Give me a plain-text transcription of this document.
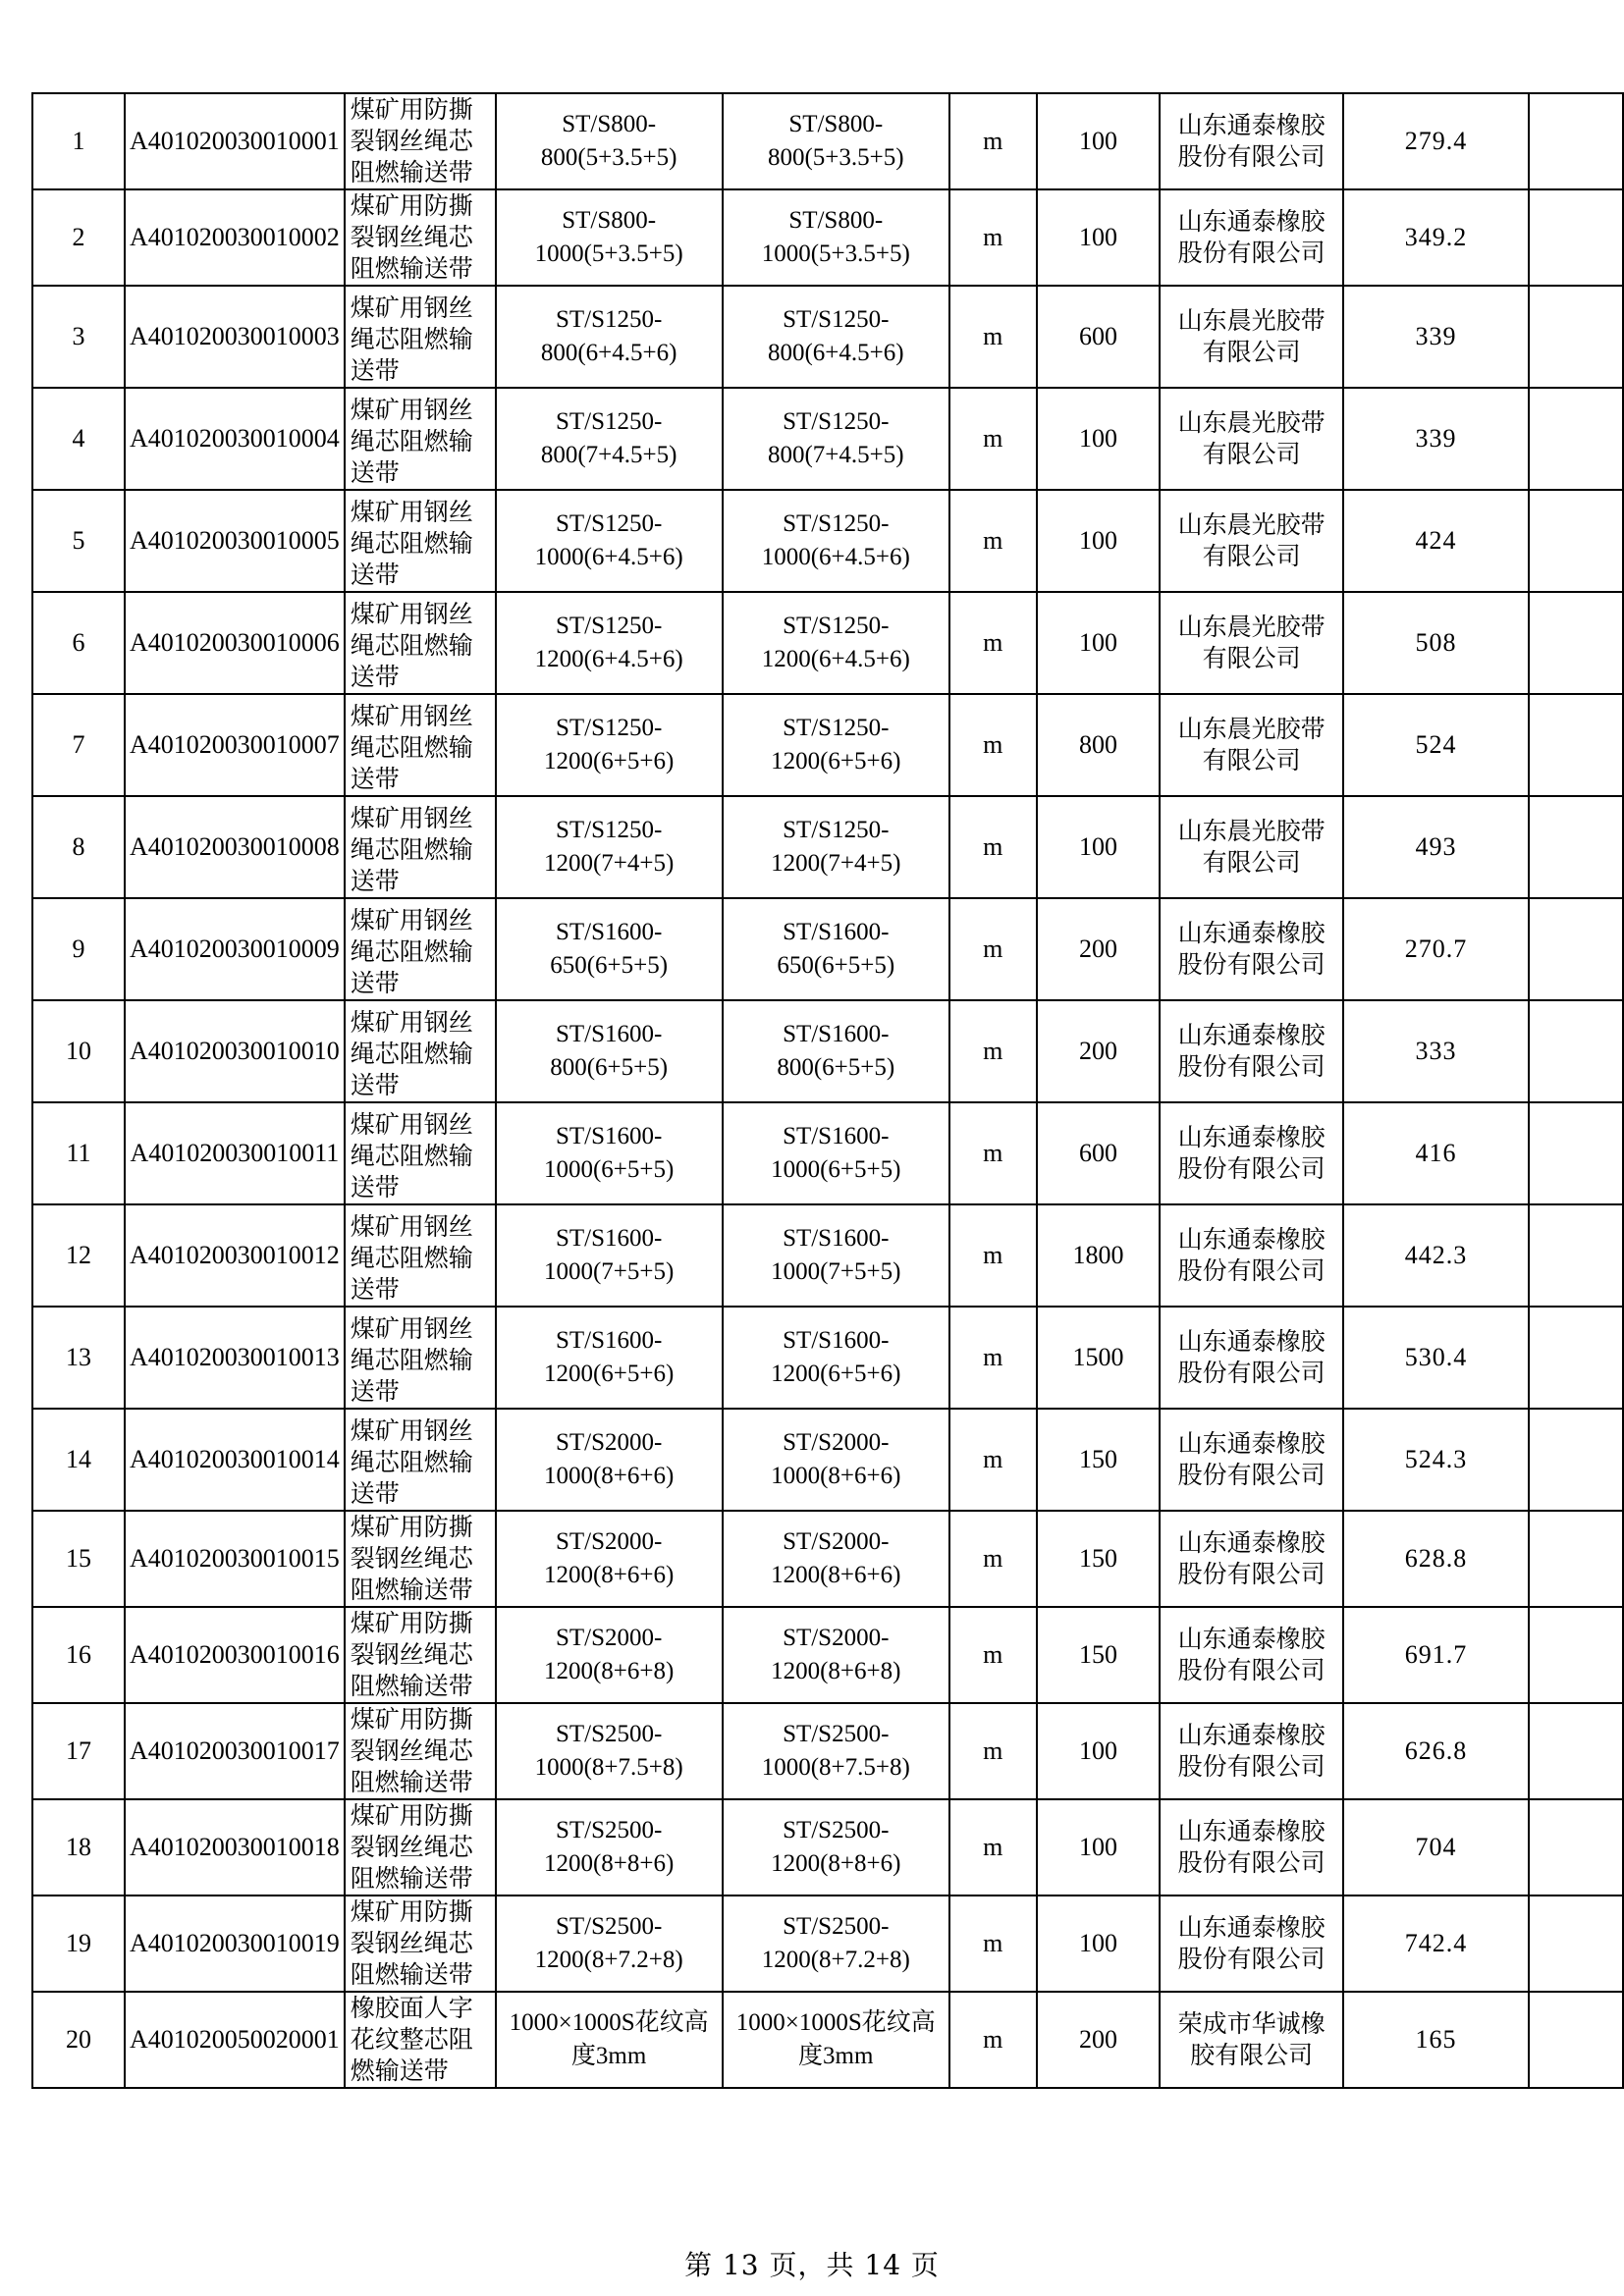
1	A401020030010001	煤矿用防撕裂钢丝绳芯阻燃输送带	ST/S800-800(5+3.5+5)	ST/S800-800(5+3.5+5)	m	100	山东通泰橡胶股份有限公司	279.4	
2	A401020030010002	煤矿用防撕裂钢丝绳芯阻燃输送带	ST/S800-1000(5+3.5+5)	ST/S800-1000(5+3.5+5)	m	100	山东通泰橡胶股份有限公司	349.2	
3	A401020030010003	煤矿用钢丝绳芯阻燃输送带	ST/S1250-800(6+4.5+6)	ST/S1250-800(6+4.5+6)	m	600	山东晨光胶带有限公司	339	
4	A401020030010004	煤矿用钢丝绳芯阻燃输送带	ST/S1250-800(7+4.5+5)	ST/S1250-800(7+4.5+5)	m	100	山东晨光胶带有限公司	339	
5	A401020030010005	煤矿用钢丝绳芯阻燃输送带	ST/S1250-1000(6+4.5+6)	ST/S1250-1000(6+4.5+6)	m	100	山东晨光胶带有限公司	424	
6	A401020030010006	煤矿用钢丝绳芯阻燃输送带	ST/S1250-1200(6+4.5+6)	ST/S1250-1200(6+4.5+6)	m	100	山东晨光胶带有限公司	508	
7	A401020030010007	煤矿用钢丝绳芯阻燃输送带	ST/S1250-1200(6+5+6)	ST/S1250-1200(6+5+6)	m	800	山东晨光胶带有限公司	524	
8	A401020030010008	煤矿用钢丝绳芯阻燃输送带	ST/S1250-1200(7+4+5)	ST/S1250-1200(7+4+5)	m	100	山东晨光胶带有限公司	493	
9	A401020030010009	煤矿用钢丝绳芯阻燃输送带	ST/S1600-650(6+5+5)	ST/S1600-650(6+5+5)	m	200	山东通泰橡胶股份有限公司	270.7	
10	A401020030010010	煤矿用钢丝绳芯阻燃输送带	ST/S1600-800(6+5+5)	ST/S1600-800(6+5+5)	m	200	山东通泰橡胶股份有限公司	333	
11	A401020030010011	煤矿用钢丝绳芯阻燃输送带	ST/S1600-1000(6+5+5)	ST/S1600-1000(6+5+5)	m	600	山东通泰橡胶股份有限公司	416	
12	A401020030010012	煤矿用钢丝绳芯阻燃输送带	ST/S1600-1000(7+5+5)	ST/S1600-1000(7+5+5)	m	1800	山东通泰橡胶股份有限公司	442.3	
13	A401020030010013	煤矿用钢丝绳芯阻燃输送带	ST/S1600-1200(6+5+6)	ST/S1600-1200(6+5+6)	m	1500	山东通泰橡胶股份有限公司	530.4	
14	A401020030010014	煤矿用钢丝绳芯阻燃输送带	ST/S2000-1000(8+6+6)	ST/S2000-1000(8+6+6)	m	150	山东通泰橡胶股份有限公司	524.3	
15	A401020030010015	煤矿用防撕裂钢丝绳芯阻燃输送带	ST/S2000-1200(8+6+6)	ST/S2000-1200(8+6+6)	m	150	山东通泰橡胶股份有限公司	628.8	
16	A401020030010016	煤矿用防撕裂钢丝绳芯阻燃输送带	ST/S2000-1200(8+6+8)	ST/S2000-1200(8+6+8)	m	150	山东通泰橡胶股份有限公司	691.7	
17	A401020030010017	煤矿用防撕裂钢丝绳芯阻燃输送带	ST/S2500-1000(8+7.5+8)	ST/S2500-1000(8+7.5+8)	m	100	山东通泰橡胶股份有限公司	626.8	
18	A401020030010018	煤矿用防撕裂钢丝绳芯阻燃输送带	ST/S2500-1200(8+8+6)	ST/S2500-1200(8+8+6)	m	100	山东通泰橡胶股份有限公司	704	
19	A401020030010019	煤矿用防撕裂钢丝绳芯阻燃输送带	ST/S2500-1200(8+7.2+8)	ST/S2500-1200(8+7.2+8)	m	100	山东通泰橡胶股份有限公司	742.4	
20	A401020050020001	橡胶面人字花纹整芯阻燃输送带	1000×1000S花纹高度3mm	1000×1000S花纹高度3mm	m	200	荣成市华诚橡胶有限公司	165	
第 13 页，共 14 页
